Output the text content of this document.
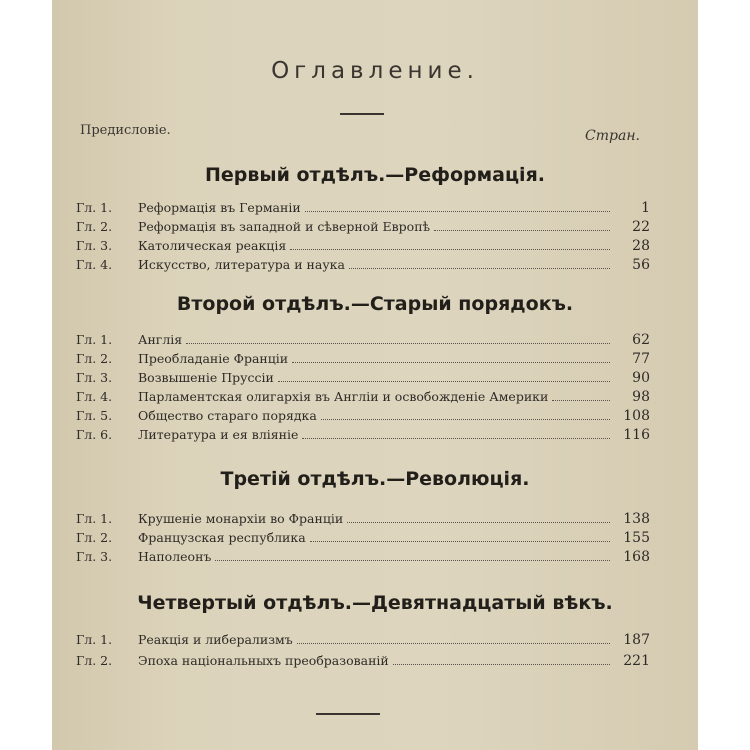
Оглавлениe.
Предисловіе.	Стран.
Первый отдѣлъ.—Реформація.
Гл. 1.	Реформація въ Германіи	1
Гл. 2.	Реформація въ западной и сѣверной Европѣ	22
Гл. 3.	Католическая реакція	28
Гл. 4.	Искусство, литература и наука	56
Второй отдѣлъ.—Старый порядокъ.
Гл. 1.	Англія	62
Гл. 2.	Преобладаніе Франціи	77
Гл. 3.	Возвышеніе Пруссіи	90
Гл. 4.	Парламентская олигархія въ Англіи и освобожденіе Америки	98
Гл. 5.	Общество стараго порядка	108
Гл. 6.	Литература и ея вліяніе	116
Третій отдѣлъ.—Революція.
Гл. 1.	Крушеніе монархіи во Франціи	138
Гл. 2.	Французская республика	155
Гл. 3.	Наполеонъ	168
Четвертый отдѣлъ.—Девятнадцатый вѣкъ.
Гл. 1.	Реакція и либерализмъ	187
Гл. 2.	Эпоха національныхъ преобразованій	221
